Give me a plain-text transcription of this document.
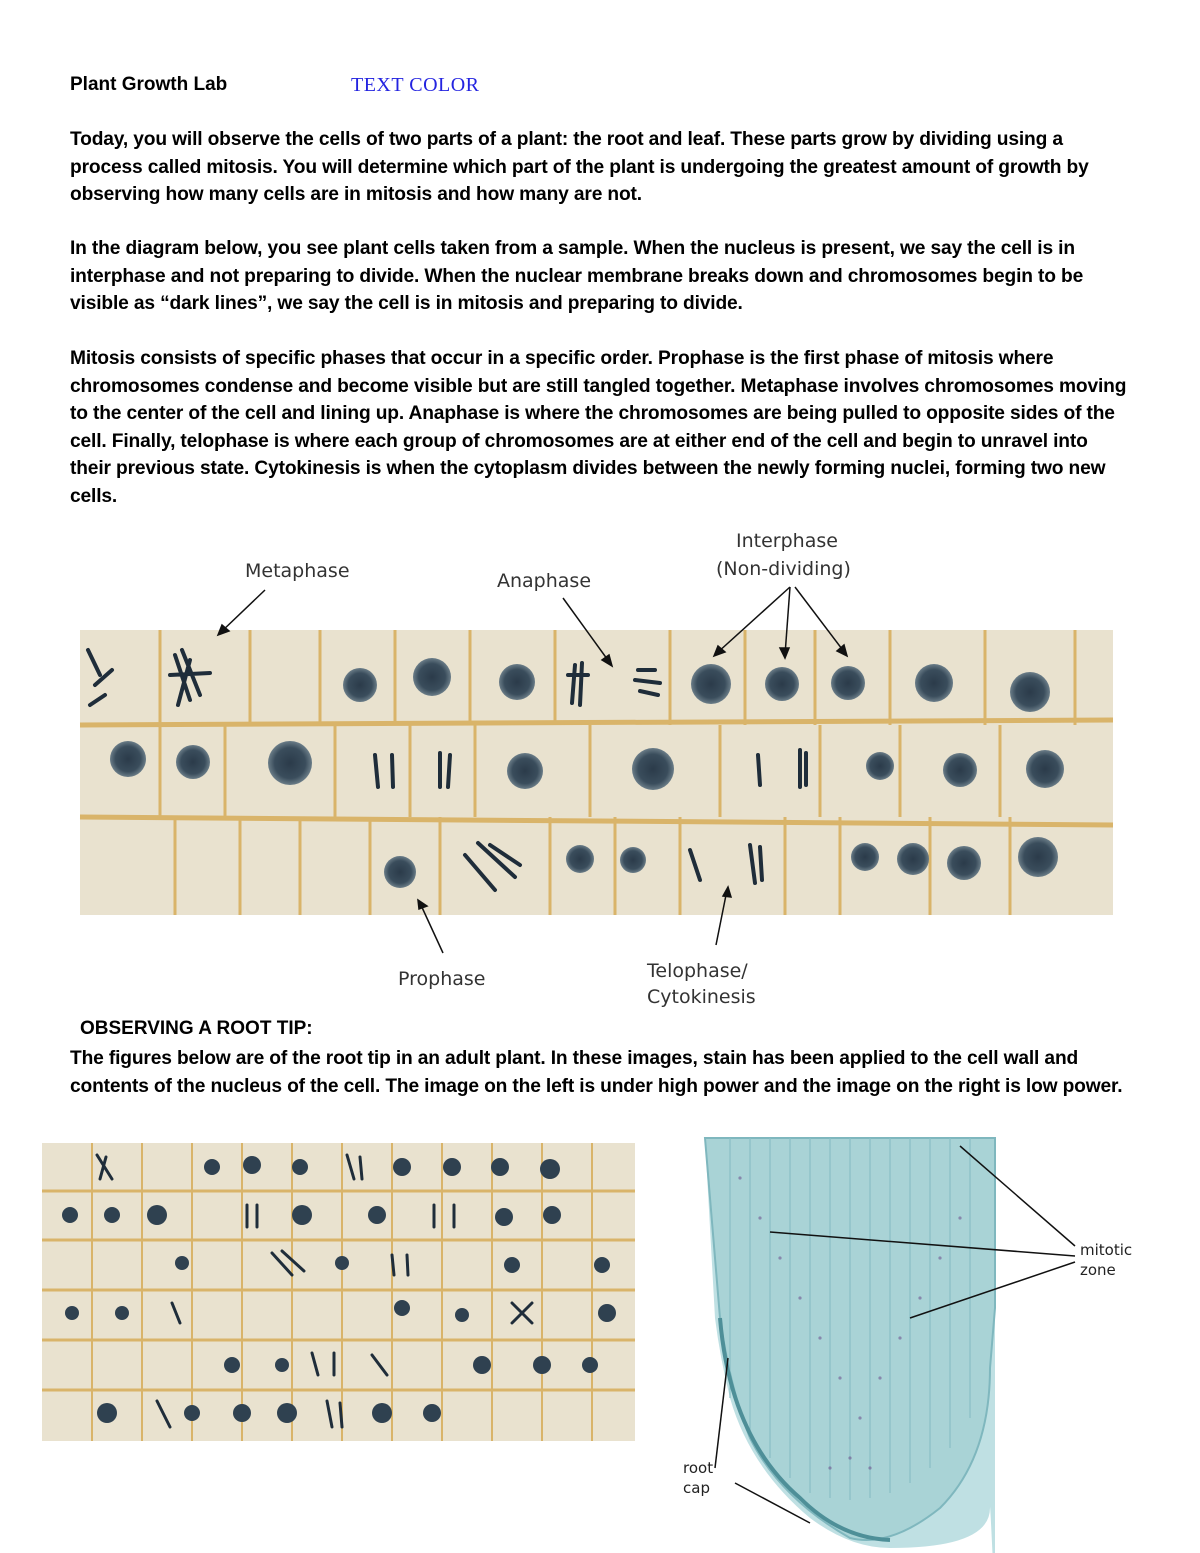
Plant Growth Lab	TEXT COLOR

Today, you will observe the cells of two parts of a plant: the root and leaf. These parts grow by dividing using a process called mitosis. You will determine which part of the plant is undergoing the greatest amount of growth by observing how many cells are in mitosis and how many are not.

In the diagram below, you see plant cells taken from a sample. When the nucleus is present, we say the cell is in interphase and not preparing to divide. When the nuclear membrane breaks down and chromosomes begin to be visible as “dark lines”, we say the cell is in mitosis and preparing to divide.

Mitosis consists of specific phases that occur in a specific order. Prophase is the first phase of mitosis where chromosomes condense and become visible but are still tangled together. Metaphase involves chromosomes moving to the center of the cell and lining up. Anaphase is where the chromosomes are being pulled to opposite sides of the cell. Finally, telophase is where each group of chromosomes are at either end of the cell and begin to unravel into their previous state. Cytokinesis is when the cytoplasm divides between the newly forming nuclei, forming two new cells.

Metaphase	Anaphase
Interphase
(Non-dividing)
Prophase	Telophase/
Cytokinesis
OBSERVING A ROOT TIP:

The figures below are of the root tip in an adult plant. In these images, stain has been applied to the cell wall and contents of the nucleus of the cell. The image on the left is under high power and the image on the right is low power.

mitotic
zone
root
cap
